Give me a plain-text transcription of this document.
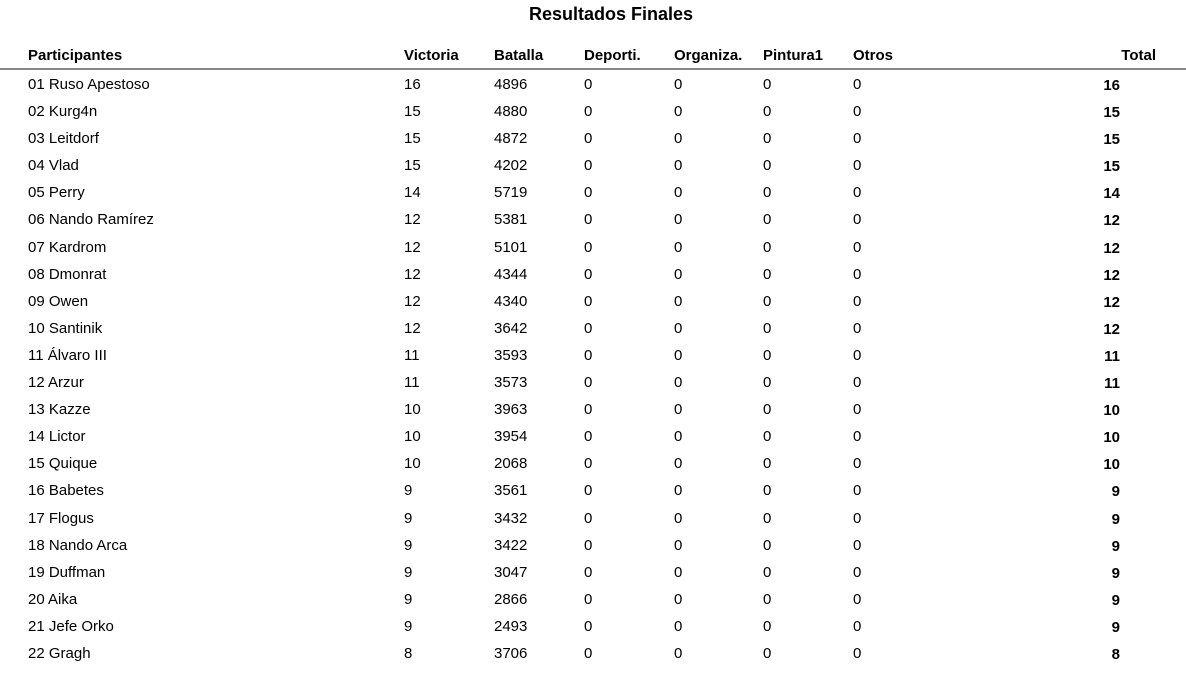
Resultados Finales
Participantes	Victoria Batalla	Deporti. Organiza. Pintura1 Otros	Total
01 Ruso Apestoso	16	4896	0	0	0	0	16
02 Kurg4n	15	4880	0	0	0	0	15
03 Leitdorf	15	4872	0	0	0	0	15
04 Vlad	15	4202	0	0	0	0	15
05 Perry	14	5719	0	0	0	0	14
06 Nando Ramírez	12	5381	0	0	0	0	12
07 Kardrom	12	5101	0	0	0	0	12
08 Dmonrat	12	4344	0	0	0	0	12
09 Owen	12	4340	0	0	0	0	12
10 Santinik	12	3642	0	0	0	0	12
11 Álvaro III	11	3593	0	0	0	0	11
12 Arzur	11	3573	0	0	0	0	11
13 Kazze	10	3963	0	0	0	0	10
14 Lictor	10	3954	0	0	0	0	10
15 Quique	10	2068	0	0	0	0	10
16 Babetes	9	3561	0	0	0	0	9
17 Flogus	9	3432	0	0	0	0	9
18 Nando Arca	9	3422	0	0	0	0	9
19 Duffman	9	3047	0	0	0	0	9
20 Aika	9	2866	0	0	0	0	9
21 Jefe Orko	9	2493	0	0	0	0	9
22 Gragh	8	3706	0	0	0	0	8
